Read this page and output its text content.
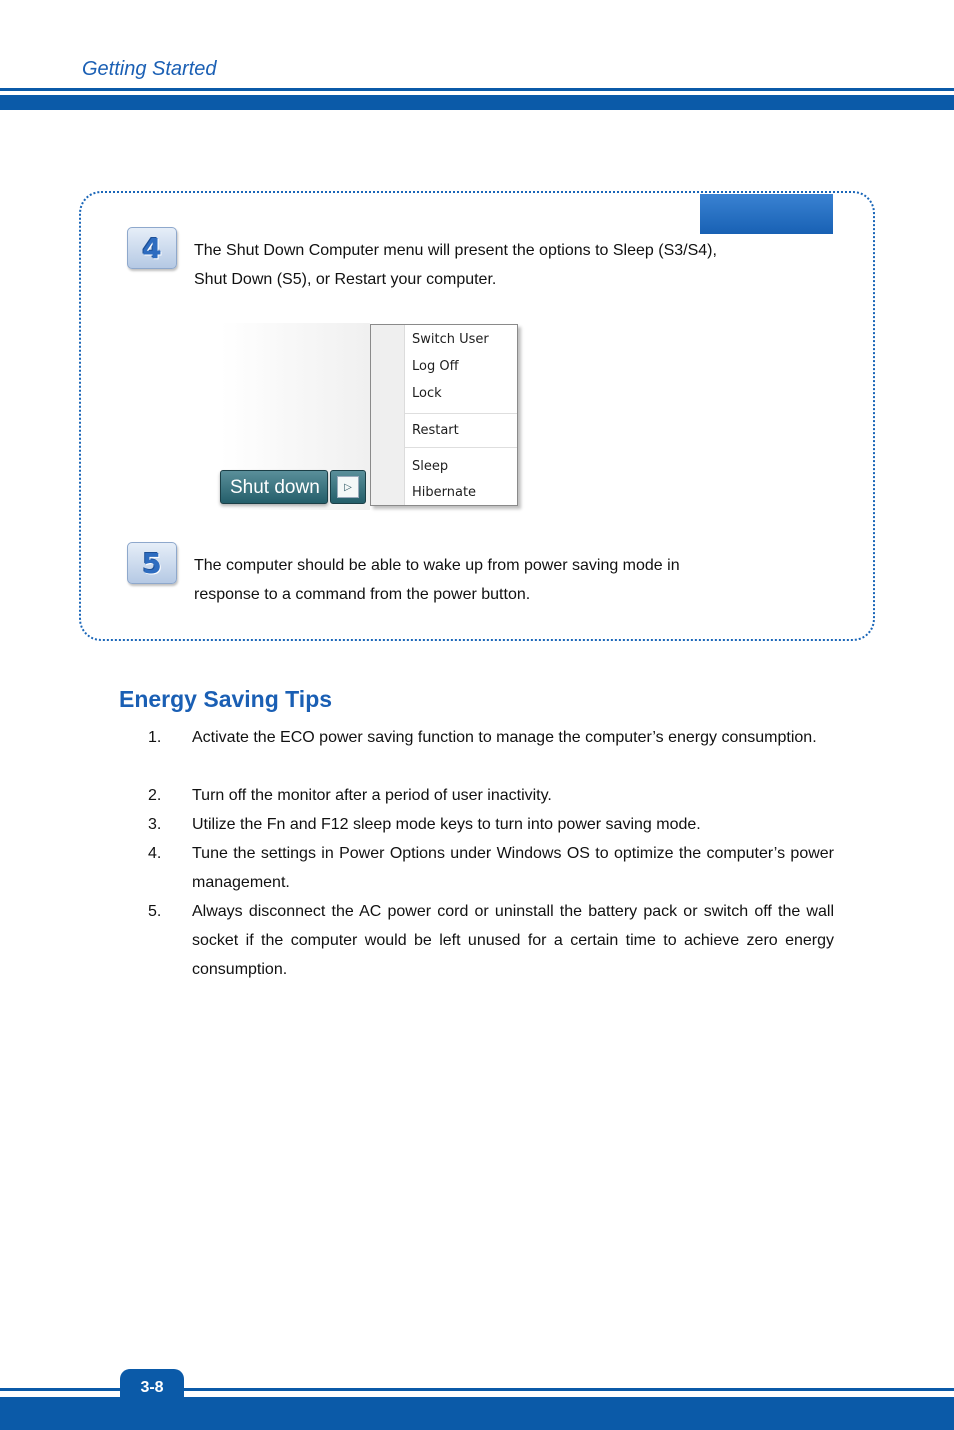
Getting Started
4	The Shut Down Computer menu will present the options to Sleep (S3/S4),
Shut Down (S5), or Restart your computer.
Shut down	▷
Switch User
Log Off
Lock
Restart
Sleep
Hibernate
5	The computer should be able to wake up from power saving mode in
response to a command from the power button.
Energy Saving Tips
1. Activate the ECO power saving function to manage the computer’s energy consumption.
2. Turn off the monitor after a period of user inactivity.
3. Utilize the Fn and F12 sleep mode keys to turn into power saving mode.
4. Tune the settings in Power Options under Windows OS to optimize the computer’s power management.
5. Always disconnect the AC power cord or uninstall the battery pack or switch off the wall socket if the computer would be left unused for a certain time to achieve zero energy consumption.
3-8
